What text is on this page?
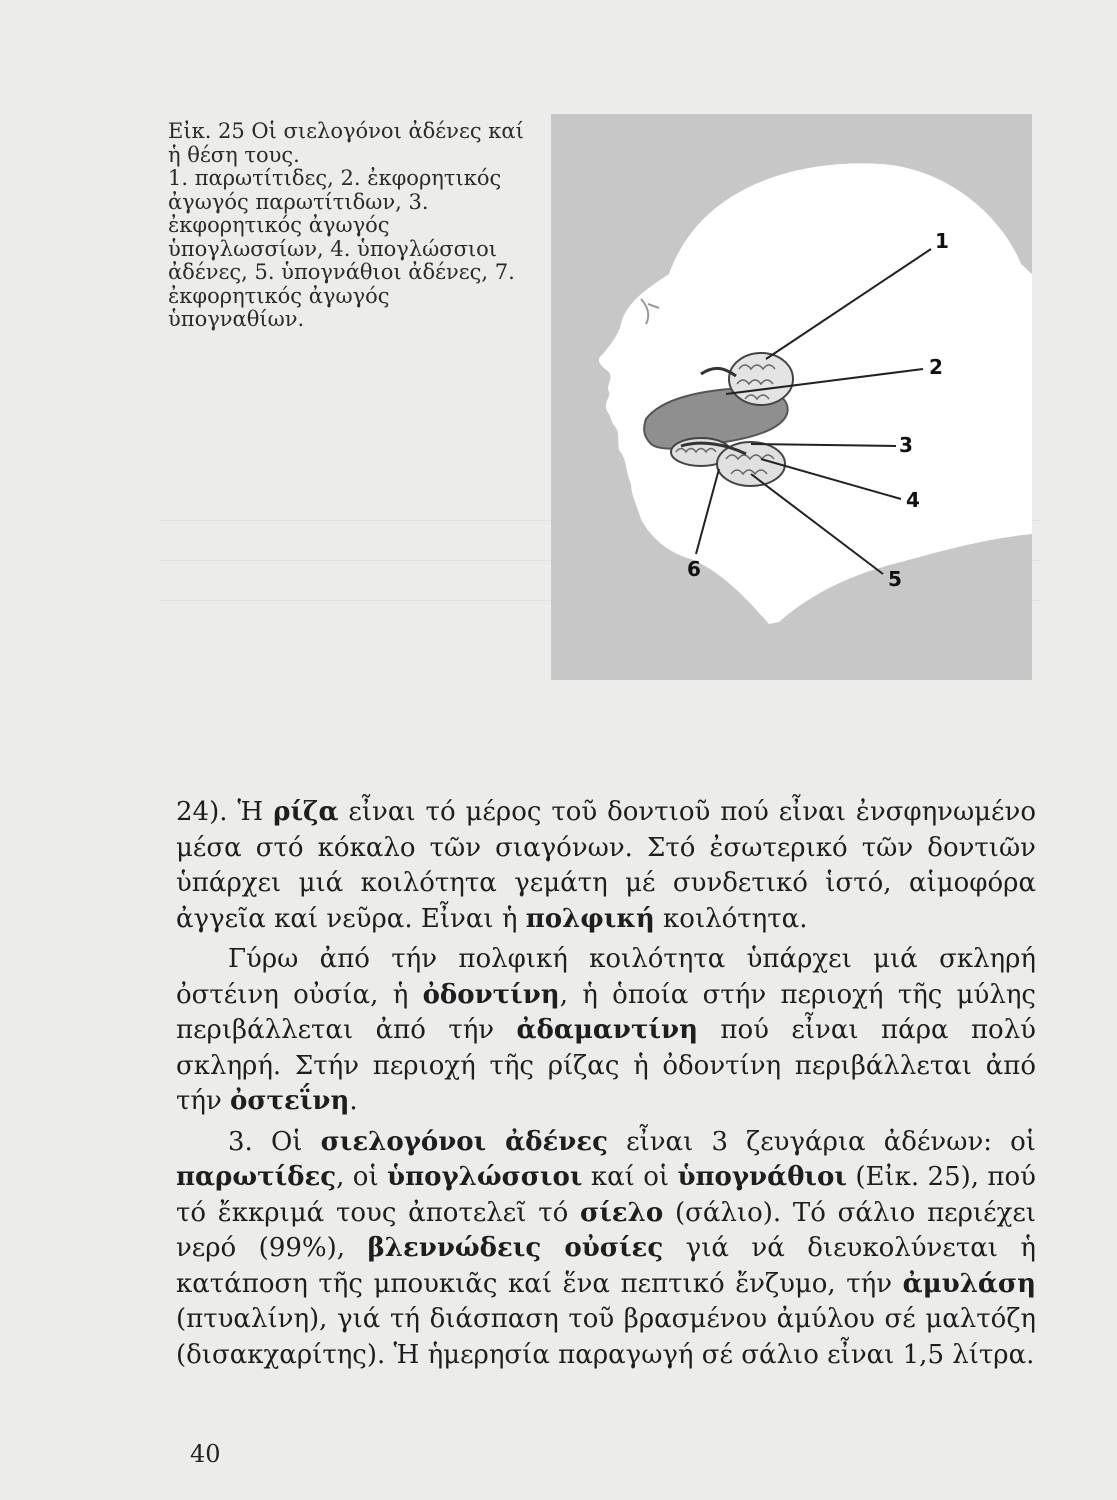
Εἰκ. 25 Οἱ σιελογόνοι ἀδένες καί ἡ θέση τους.

1. παρωτίτιδες, 2. ἐκφορητικός ἀγωγός παρωτίτιδων, 3. ἐκφορητικός ἀγωγός ὑπογλωσσίων, 4. ὑπογλώσσιοι ἀδένες, 5. ὑπογνάθιοι ἀδένες, 7. ἐκφορητικός ἀγωγός ὑπογναθίων.

1
2
3
4
5
6

24). Ἡ ρίζα εἶναι τό μέρος τοῦ δοντιοῦ πού εἶναι ἐνσφηνωμένο μέσα στό κόκαλο τῶν σιαγόνων. Στό ἐσωτερικό τῶν δοντιῶν ὑπάρχει μιά κοιλότητα γεμάτη μέ συνδετικό ἱστό, αἱμοφόρα ἀγγεῖα καί νεῦρα. Εἶναι ἡ πολφική κοιλότητα.

Γύρω ἀπό τήν πολφική κοιλότητα ὑπάρχει μιά σκληρή ὀστέινη οὐσία, ἡ ὀδοντίνη, ἡ ὁποία στήν περιοχή τῆς μύλης περιβάλλεται ἀπό τήν ἀδαμαντίνη πού εἶναι πάρα πολύ σκληρή. Στήν περιοχή τῆς ρίζας ἡ ὀδοντίνη περιβάλλεται ἀπό τήν ὀστεΐνη.

3. Οἱ σιελογόνοι ἀδένες εἶναι 3 ζευγάρια ἀδένων: οἱ παρωτίδες, οἱ ὑπογλώσσιοι καί οἱ ὑπογνάθιοι (Εἰκ. 25), πού τό ἔκκριμά τους ἀποτελεῖ τό σίελο (σάλιο). Τό σάλιο περιέχει νερό (99%), βλεννώδεις οὐσίες γιά νά διευκολύνεται ἡ κατάποση τῆς μπουκιᾶς καί ἕνα πεπτικό ἔνζυμο, τήν ἀμυλάση (πτυαλίνη), γιά τή διάσπαση τοῦ βρασμένου ἀμύλου σέ μαλτόζη (δισακχαρίτης). Ἡ ἡμερησία παραγωγή σέ σάλιο εἶναι 1,5 λίτρα.

40
